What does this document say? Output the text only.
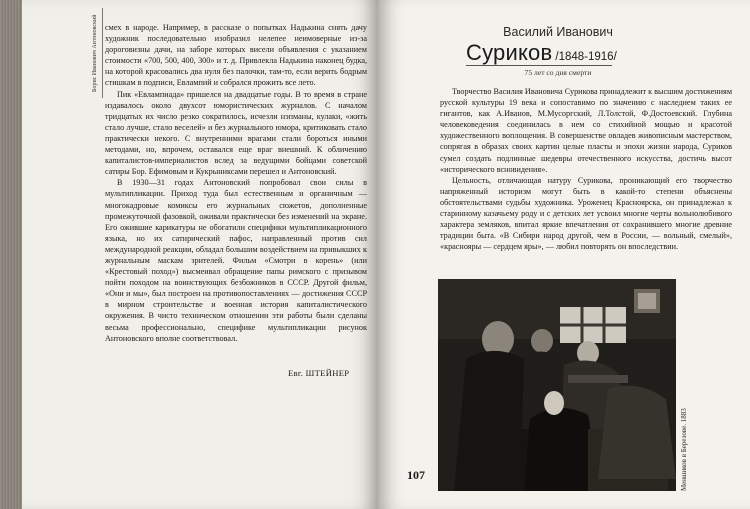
Борис Иванович Антоновский смех в народе. Например, в рассказе о попытках Надькина снять дачу художник последовательно изобразил нелепее неимоверные из-за дороговизны дачи, на заборе которых висели объявления с указанием стоимости «700, 500, 400, 300» и т. д. Привлекла Надькина наконец будка, на которой красовались два нуля без палочки, там-то, если верить бодрым стишкам в подписи, Евлампий и собрался прожить все лето.

Пик «Евлампиада» пришелся на двадцатые годы. В то время в стране издавалось около двухсот юмористических журналов. С началом тридцатых их число резко сократилось, исчезли нэпманы, кулаки, «жить стало лучше, стало веселей» и без журнального юмора, критиковать стало практически некого. С внутренними врагами стали бороться иными методами, но, впрочем, оставался еще враг внешний. К обличению капиталистов-империалистов вслед за ведущими бойцами советской сатиры Бор. Ефимовым и Кукрыниксами перешел и Антоновский.

В 1930—31 годах Антоновский попробовал свои силы в мультипликации. Приход туда был естественным и органичным — многокадровые комиксы его журнальных сюжетов, дополненные промежуточной фазовкой, оживали практически без изменений на экране. Его ожившие карикатуры не обогатили специфики мультипликационного языка, но их сатирический пафос, направленный против сил международной реакции, обладал большим воздействием на привыкших к журнальным маскам зрителей. Фильм «Смотри в корень» (или «Крестовый поход») высмеивал обращение папы римского с призывом пойти походом на воинствующих безбожников в СССР. Другой фильм, «Они и мы», был построен на противопоставлениях — достижения СССР в мирном строительстве и военная история капиталистического окружения. В чисто техническом отношении эти работы были сделаны весьма профессионально, специфике мультипликации рисунок Антоновского вполне соответствовал.

Евг. ШТЕЙНЕР
Василий Иванович
Суриков /1848-1916/
75 лет со дня смерти

Творчество Василия Ивановича Сурикова принадлежит к высшим достижениям русской культуры 19 века и сопоставимо по значению с наследием таких ее гигантов, как А.Иванов, М.Мусоргский, Л.Толстой, Ф.Достоевский. Глубина человековедения соединилась в нем со стихийной мощью и красотой художественного воплощения. В совершенстве овладев живописным мастерством, сопрягая в образах своих картин целые пласты и эпохи жизни народа, Суриков сумел создать подлинные шедевры отечественного искусства, достичь высот «исторического всновидения».

Цельность, отличающая натуру Сурикова, проникающий его творчество напряженный историзм могут быть в какой-то степени объяснены обстоятельствами судьбы художника. Уроженец Красноярска, он принадлежал к старинному казачьему роду и с детских лет усвоил многие черты вольнолюбивого характера земляков, впитал яркие впечатления от сохранившего многие древние традиции быта. «В Сибири народ другой, чем в России, — вольный, смелый», «краснояры — сердцем яры», — любил повторять он впоследствии.

Меншиков в Березове. 1883
107
